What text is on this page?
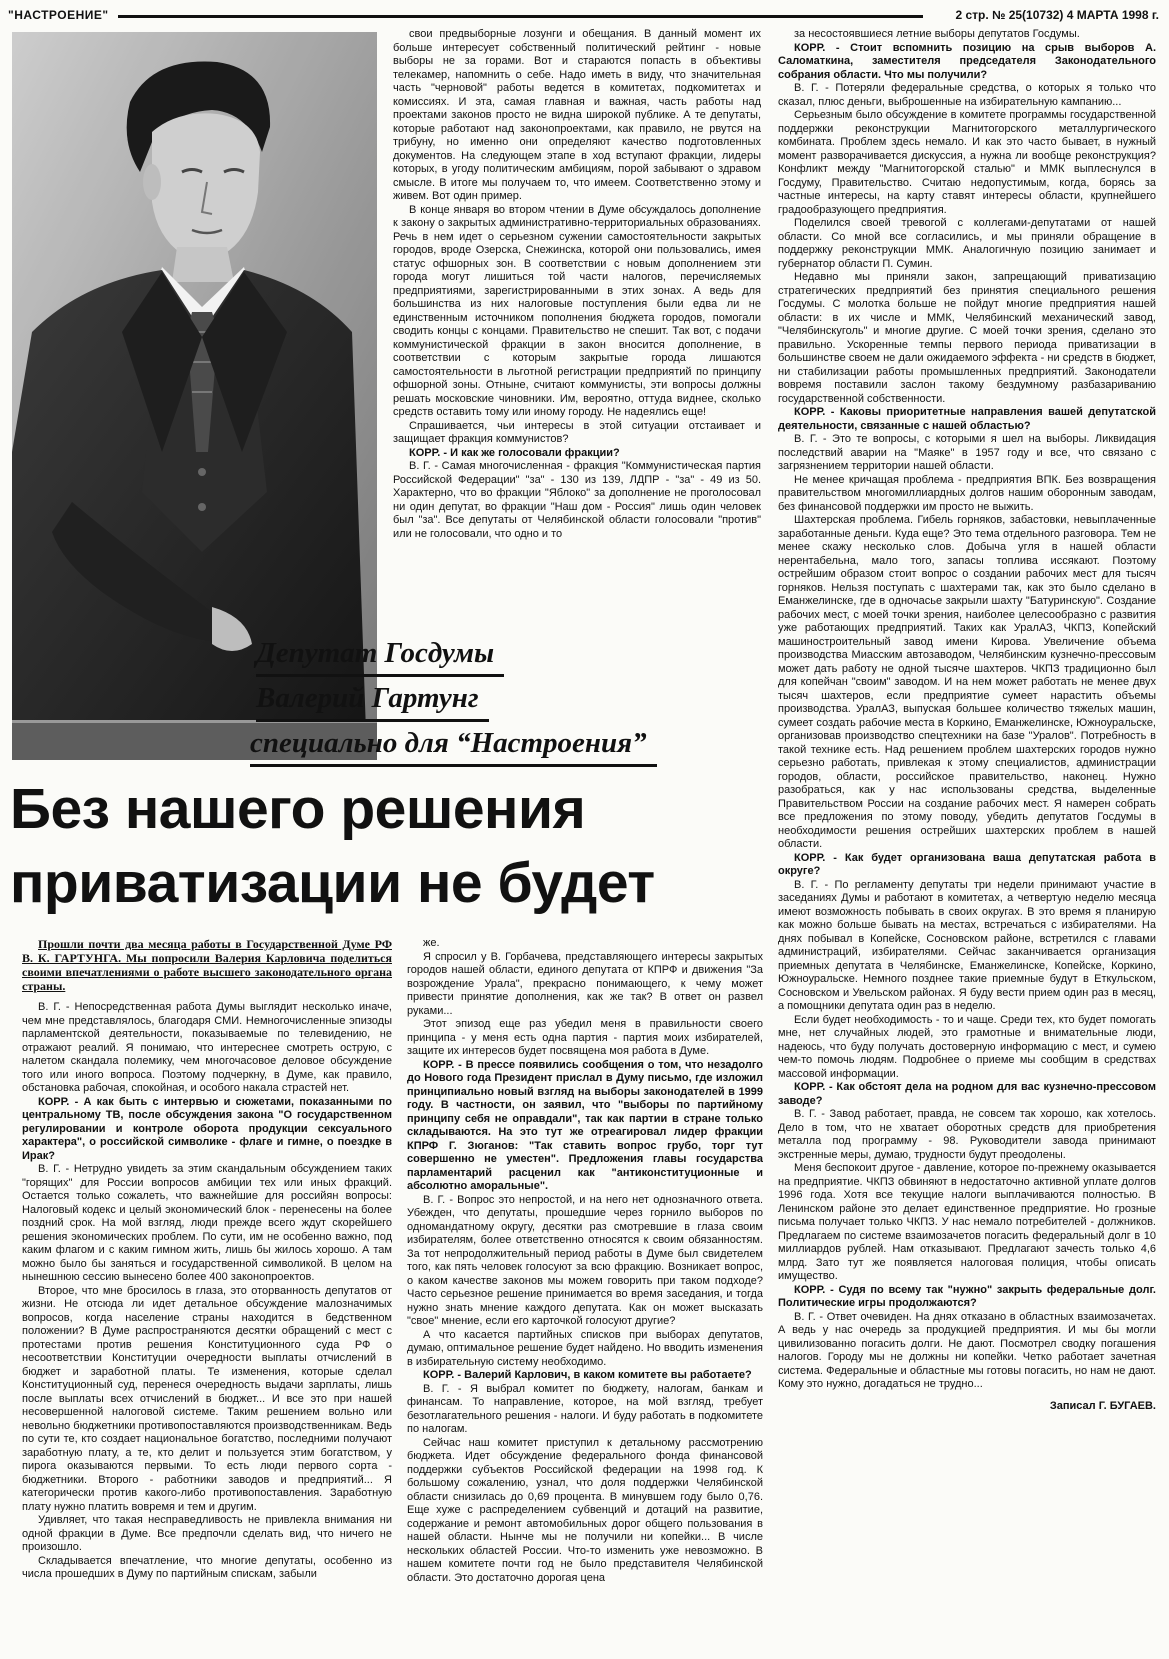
"НАСТРОЕНИЕ"	2 стр. № 25(10732) 4 МАРТА 1998 г.

свои предвыборные лозунги и обещания. В данный момент их больше интересует собственный политический рейтинг - новые выборы не за горами. Вот и стараются попасть в объективы телекамер, напомнить о себе. Надо иметь в виду, что значительная часть "черновой" работы ведется в комитетах, подкомитетах и комиссиях. И эта, самая главная и важная, часть работы над проектами законов просто не видна широкой публике. А те депутаты, которые работают над законопроектами, как правило, не рвутся на трибуну, но именно они определяют качество подготовленных документов. На следующем этапе в ход вступают фракции, лидеры которых, в угоду политическим амбициям, порой забывают о здравом смысле. В итоге мы получаем то, что имеем. Соответственно этому и живем. Вот один пример.

В конце января во втором чтении в Думе обсуждалось дополнение к закону о закрытых административно-территориальных образованиях. Речь в нем идет о серьезном сужении самостоятельности закрытых городов, вроде Озерска, Снежинска, которой они пользовались, имея статус офшорных зон. В соответствии с новым дополнением эти города могут лишиться той части налогов, перечисляемых предприятиями, зарегистрированными в этих зонах. А ведь для большинства из них налоговые поступления были едва ли не единственным источником пополнения бюджета городов, помогали сводить концы с концами. Правительство не спешит. Так вот, с подачи коммунистической фракции в закон вносится дополнение, в соответствии с которым закрытые города лишаются самостоятельности в льготной регистрации предприятий по принципу офшорной зоны. Отныне, считают коммунисты, эти вопросы должны решать московские чиновники. Им, вероятно, оттуда виднее, сколько средств оставить тому или иному городу. Не надеялись еще!

Спрашивается, чьи интересы в этой ситуации отстаивает и защищает фракция коммунистов?

КОРР. - И как же голосовали фракции?

В. Г. - Самая многочисленная - фракция "Коммунистическая партия Российской Федерации" "за" - 130 из 139, ЛДПР - "за" - 49 из 50. Характерно, что во фракции "Яблоко" за дополнение не проголосовал ни один депутат, во фракции "Наш дом - Россия" лишь один человек был "за". Все депутаты от Челябинской области голосовали "против" или не голосовали, что одно и то

за несостоявшиеся летние выборы депутатов Госдумы.

КОРР. - Стоит вспомнить позицию на срыв выборов А. Саломаткина, заместителя председателя Законодательного собрания области. Что мы получили?

В. Г. - Потеряли федеральные средства, о которых я только что сказал, плюс деньги, выброшенные на избирательную кампанию...

Серьезным было обсуждение в комитете программы государственной поддержки реконструкции Магнитогорского металлургического комбината. Проблем здесь немало. И как это часто бывает, в нужный момент разворачивается дискуссия, а нужна ли вообще реконструкция? Конфликт между "Магнитогорской сталью" и ММК выплеснулся в Госдуму, Правительство. Считаю недопустимым, когда, борясь за частные интересы, на карту ставят интересы области, крупнейшего градообразующего предприятия.

Поделился своей тревогой с коллегами-депутатами от нашей области. Со мной все согласились, и мы приняли обращение в поддержку реконструкции ММК. Аналогичную позицию занимает и губернатор области П. Сумин.

Недавно мы приняли закон, запрещающий приватизацию стратегических предприятий без принятия специального решения Госдумы. С молотка больше не пойдут многие предприятия нашей области: в их числе и ММК, Челябинский механический завод, "Челябинскуголь" и многие другие. С моей точки зрения, сделано это правильно. Ускоренные темпы первого периода приватизации в большинстве своем не дали ожидаемого эффекта - ни средств в бюджет, ни стабилизации работы промышленных предприятий. Законодатели вовремя поставили заслон такому бездумному разбазариванию государственной собственности.

КОРР. - Каковы приоритетные направления вашей депутатской деятельности, связанные с нашей областью?

В. Г. - Это те вопросы, с которыми я шел на выборы. Ликвидация последствий аварии на "Маяке" в 1957 году и все, что связано с загрязнением территории нашей области.

Не менее кричащая проблема - предприятия ВПК. Без возвращения правительством многомиллиардных долгов нашим оборонным заводам, без финансовой поддержки им просто не выжить.

Шахтерская проблема. Гибель горняков, забастовки, невыплаченные заработанные деньги. Куда еще? Это тема отдельного разговора. Тем не менее скажу несколько слов. Добыча угля в нашей области нерентабельна, мало того, запасы топлива иссякают. Поэтому острейшим образом стоит вопрос о создании рабочих мест для тысяч горняков. Нельзя поступать с шахтерами так, как это было сделано в Еманжелинске, где в одночасье закрыли шахту "Батуринскую". Создание рабочих мест, с моей точки зрения, наиболее целесообразно с развития уже работающих предприятий. Таких как УралАЗ, ЧКПЗ, Копейский машиностроительный завод имени Кирова. Увеличение объема производства Миасским автозаводом, Челябинским кузнечно-прессовым может дать работу не одной тысяче шахтеров. ЧКПЗ традиционно был для копейчан "своим" заводом. И на нем может работать не менее двух тысяч шахтеров, если предприятие сумеет нарастить объемы производства. УралАЗ, выпуская большее количество тяжелых машин, сумеет создать рабочие места в Коркино, Еманжелинске, Южноуральске, организовав производство спецтехники на базе "Уралов". Потребность в такой технике есть. Над решением проблем шахтерских городов нужно серьезно работать, привлекая к этому специалистов, администрации городов, области, российское правительство, наконец. Нужно разобраться, как у нас использованы средства, выделенные Правительством России на создание рабочих мест. Я намерен собрать все предложения по этому поводу, убедить депутатов Госдумы в необходимости решения острейших шахтерских проблем в нашей области.

КОРР. - Как будет организована ваша депутатская работа в округе?

В. Г. - По регламенту депутаты три недели принимают участие в заседаниях Думы и работают в комитетах, а четвертую неделю месяца имеют возможность побывать в своих округах. В это время я планирую как можно больше бывать на местах, встречаться с избирателями. На днях побывал в Копейске, Сосновском районе, встретился с главами администраций, избирателями. Сейчас заканчивается организация приемных депутата в Челябинске, Еманжелинске, Копейске, Коркино, Южноуральске. Немного позднее такие приемные будут в Еткульском, Сосновском и Увельском районах. Я буду вести прием один раз в месяц, а помощники депутата один раз в неделю.

Если будет необходимость - то и чаще. Среди тех, кто будет помогать мне, нет случайных людей, это грамотные и внимательные люди, надеюсь, что буду получать достоверную информацию с мест, и сумею чем-то помочь людям. Подробнее о приеме мы сообщим в средствах массовой информации.

КОРР. - Как обстоят дела на родном для вас кузнечно-прессовом заводе?

В. Г. - Завод работает, правда, не совсем так хорошо, как хотелось. Дело в том, что не хватает оборотных средств для приобретения металла под программу - 98. Руководители завода принимают экстренные меры, думаю, трудности будут преодолены.

Меня беспокоит другое - давление, которое по-прежнему оказывается на предприятие. ЧКПЗ обвиняют в недостаточно активной уплате долгов 1996 года. Хотя все текущие налоги выплачиваются полностью. В Ленинском районе это делает единственное предприятие. Но грозные письма получает только ЧКПЗ. У нас немало потребителей - должников. Предлагаем по системе взаимозачетов погасить федеральный долг в 10 миллиардов рублей. Нам отказывают. Предлагают зачесть только 4,6 млрд. Зато тут же появляется налоговая полиция, чтобы описать имущество.

КОРР. - Судя по всему так "нужно" закрыть федеральные долг. Политические игры продолжаются?

В. Г. - Ответ очевиден. На днях отказано в областных взаимозачетах. А ведь у нас очередь за продукцией предприятия. И мы бы могли цивилизованно погасить долги. Не дают. Посмотрел сводку погашения налогов. Городу мы не должны ни копейки. Четко работает зачетная система. Федеральные и областные мы готовы погасить, но нам не дают. Кому это нужно, догадаться не трудно...

Записал Г. БУГАЕВ.

Депутат Госдумы
Валерий Гартунг
специально для “Настроения”
Без нашего решения
приватизации не будет

Прошли почти два месяца работы в Государственной Думе РФ В. К. ГАРТУНГА. Мы попросили Валерия Карловича поделиться своими впечатлениями о работе высшего законодательного органа страны.

В. Г. - Непосредственная работа Думы выглядит несколько иначе, чем мне представлялось, благодаря СМИ. Немногочисленные эпизоды парламентской деятельности, показываемые по телевидению, не отражают реалий. Я понимаю, что интереснее смотреть острую, с налетом скандала полемику, чем многочасовое деловое обсуждение того или иного вопроса. Поэтому подчеркну, в Думе, как правило, обстановка рабочая, спокойная, и особого накала страстей нет.

КОРР. - А как быть с интервью и сюжетами, показанными по центральному ТВ, после обсуждения закона "О государственном регулировании и контроле оборота продукции сексуального характера", о российской символике - флаге и гимне, о поездке в Ирак?

В. Г. - Нетрудно увидеть за этим скандальным обсуждением таких "горящих" для России вопросов амбиции тех или иных фракций. Остается только сожалеть, что важнейшие для российян вопросы: Налоговый кодекс и целый экономический блок - перенесены на более поздний срок. На мой взгляд, люди прежде всего ждут скорейшего решения экономических проблем. По сути, им не особенно важно, под каким флагом и с каким гимном жить, лишь бы жилось хорошо. А там можно было бы заняться и государственной символикой. В целом на нынешнюю сессию вынесено более 400 законопроектов.

Второе, что мне бросилось в глаза, это оторванность депутатов от жизни. Не отсюда ли идет детальное обсуждение малозначимых вопросов, когда население страны находится в бедственном положении? В Думе распространяются десятки обращений с мест с протестами против решения Конституционного суда РФ о несоответствии Конституции очередности выплаты отчислений в бюджет и заработной платы. Те изменения, которые сделал Конституционный суд, перенеся очередность выдачи зарплаты, лишь после выплаты всех отчислений в бюджет... И все это при нашей несовершенной налоговой системе. Таким решением вольно или невольно бюджетники противопоставляются производственникам. Ведь по сути те, кто создает национальное богатство, последними получают заработную плату, а те, кто делит и пользуется этим богатством, у пирога оказываются первыми. То есть люди первого сорта - бюджетники. Второго - работники заводов и предприятий... Я категорически против какого-либо противопоставления. Заработную плату нужно платить вовремя и тем и другим.

Удивляет, что такая несправедливость не привлекла внимания ни одной фракции в Думе. Все предпочли сделать вид, что ничего не произошло.

Складывается впечатление, что многие депутаты, особенно из числа прошедших в Думу по партийным спискам, забыли

же.

Я спросил у В. Горбачева, представляющего интересы закрытых городов нашей области, единого депутата от КПРФ и движения "За возрождение Урала", прекрасно понимающего, к чему может привести принятие дополнения, как же так? В ответ он развел руками...

Этот эпизод еще раз убедил меня в правильности своего принципа - у меня есть одна партия - партия моих избирателей, защите их интересов будет посвящена моя работа в Думе.

КОРР. - В прессе появились сообщения о том, что незадолго до Нового года Президент прислал в Думу письмо, где изложил принципиально новый взгляд на выборы законодателей в 1999 году. В частности, он заявил, что "выборы по партийному принципу себя не оправдали", так как партии в стране только складываются. На это тут же отреагировал лидер фракции КПРФ Г. Зюганов: "Так ставить вопрос грубо, торг тут совершенно не уместен". Предложения главы государства парламентарий расценил как "антиконституционные и абсолютно аморальные".

В. Г. - Вопрос это непростой, и на него нет однозначного ответа. Убежден, что депутаты, прошедшие через горнило выборов по одномандатному округу, десятки раз смотревшие в глаза своим избирателям, более ответственно относятся к своим обязанностям. За тот непродолжительный период работы в Думе был свидетелем того, как пять человек голосуют за всю фракцию. Возникает вопрос, о каком качестве законов мы можем говорить при таком подходе? Часто серьезное решение принимается во время заседания, и тогда нужно знать мнение каждого депутата. Как он может высказать "свое" мнение, если его карточкой голосуют другие?

А что касается партийных списков при выборах депутатов, думаю, оптимальное решение будет найдено. Но вводить изменения в избирательную систему необходимо.

КОРР. - Валерий Карлович, в каком комитете вы работаете?

В. Г. - Я выбрал комитет по бюджету, налогам, банкам и финансам. То направление, которое, на мой взгляд, требует безотлагательного решения - налоги. И буду работать в подкомитете по налогам.

Сейчас наш комитет приступил к детальному рассмотрению бюджета. Идет обсуждение федерального фонда финансовой поддержки субъектов Российской федерации на 1998 год. К большому сожалению, узнал, что доля поддержки Челябинской области снизилась до 0,69 процента. В минувшем году было 0,76. Еще хуже с распределением субвенций и дотаций на развитие, содержание и ремонт автомобильных дорог общего пользования в нашей области. Нынче мы не получили ни копейки... В числе нескольких областей России. Что-то изменить уже невозможно. В нашем комитете почти год не было представителя Челябинской области. Это достаточно дорогая цена
